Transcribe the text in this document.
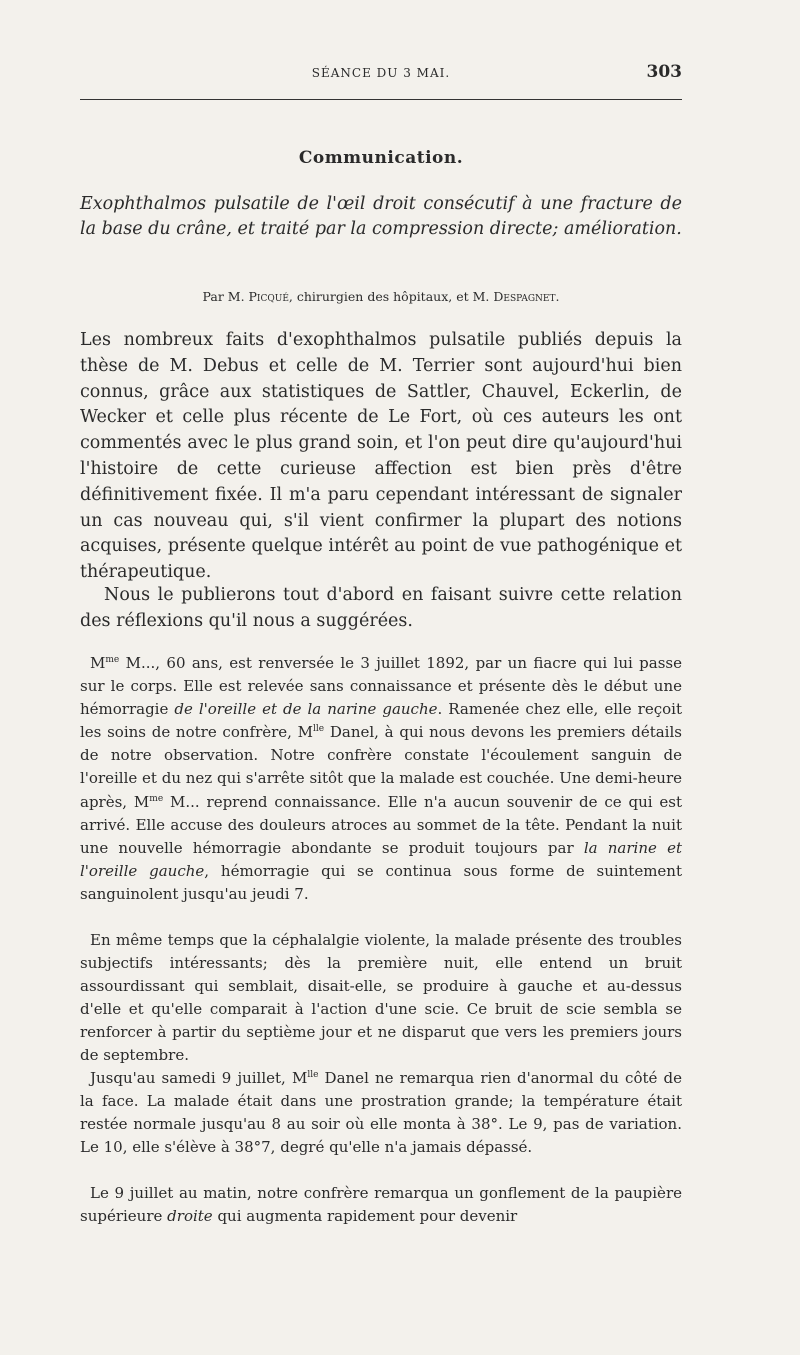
SÉANCE DU 3 MAI.	303
Communication.
Exophthalmos pulsatile de l'œil droit consécutif à une fracture de la base du crâne, et traité par la compression directe; amélioration.
Par M. Picqué, chirurgien des hôpitaux, et M. Despagnet.

Les nombreux faits d'exophthalmos pulsatile publiés depuis la thèse de M. Debus et celle de M. Terrier sont aujourd'hui bien connus, grâce aux statistiques de Sattler, Chauvel, Eckerlin, de Wecker et celle plus récente de Le Fort, où ces auteurs les ont commentés avec le plus grand soin, et l'on peut dire qu'aujourd'hui l'histoire de cette curieuse affection est bien près d'être définitivement fixée. Il m'a paru cependant intéressant de signaler un cas nouveau qui, s'il vient confirmer la plupart des notions acquises, présente quelque intérêt au point de vue pathogénique et thérapeutique.

Nous le publierons tout d'abord en faisant suivre cette relation des réflexions qu'il nous a suggérées.

$M^{me}$ M..., 60 ans, est renversée le 3 juillet 1892, par un fiacre qui lui passe sur le corps. Elle est relevée sans connaissance et présente dès le début une hémorragie de l'oreille et de la narine gauche. Ramenée chez elle, elle reçoit les soins de notre confrère, $M^{lle}$ Danel, à qui nous devons les premiers détails de notre observation. Notre confrère constate l'écoulement sanguin de l'oreille et du nez qui s'arrête sitôt que la malade est couchée. Une demi-heure après, $M^{me}$ M... reprend connaissance. Elle n'a aucun souvenir de ce qui est arrivé. Elle accuse des douleurs atroces au sommet de la tête. Pendant la nuit une nouvelle hémorragie abondante se produit toujours par la narine et l'oreille gauche, hémorragie qui se continua sous forme de suintement sanguinolent jusqu'au jeudi 7.

En même temps que la céphalalgie violente, la malade présente des troubles subjectifs intéressants; dès la première nuit, elle entend un bruit assourdissant qui semblait, disait-elle, se produire à gauche et au-dessus d'elle et qu'elle comparait à l'action d'une scie. Ce bruit de scie sembla se renforcer à partir du septième jour et ne disparut que vers les premiers jours de septembre.

Jusqu'au samedi 9 juillet, $M^{lle}$ Danel ne remarqua rien d'anormal du côté de la face. La malade était dans une prostration grande; la température était restée normale jusqu'au 8 au soir où elle monta à 38°. Le 9, pas de variation. Le 10, elle s'élève à 38°7, degré qu'elle n'a jamais dépassé.

Le 9 juillet au matin, notre confrère remarqua un gonflement de la paupière supérieure droite qui augmenta rapidement pour devenir
